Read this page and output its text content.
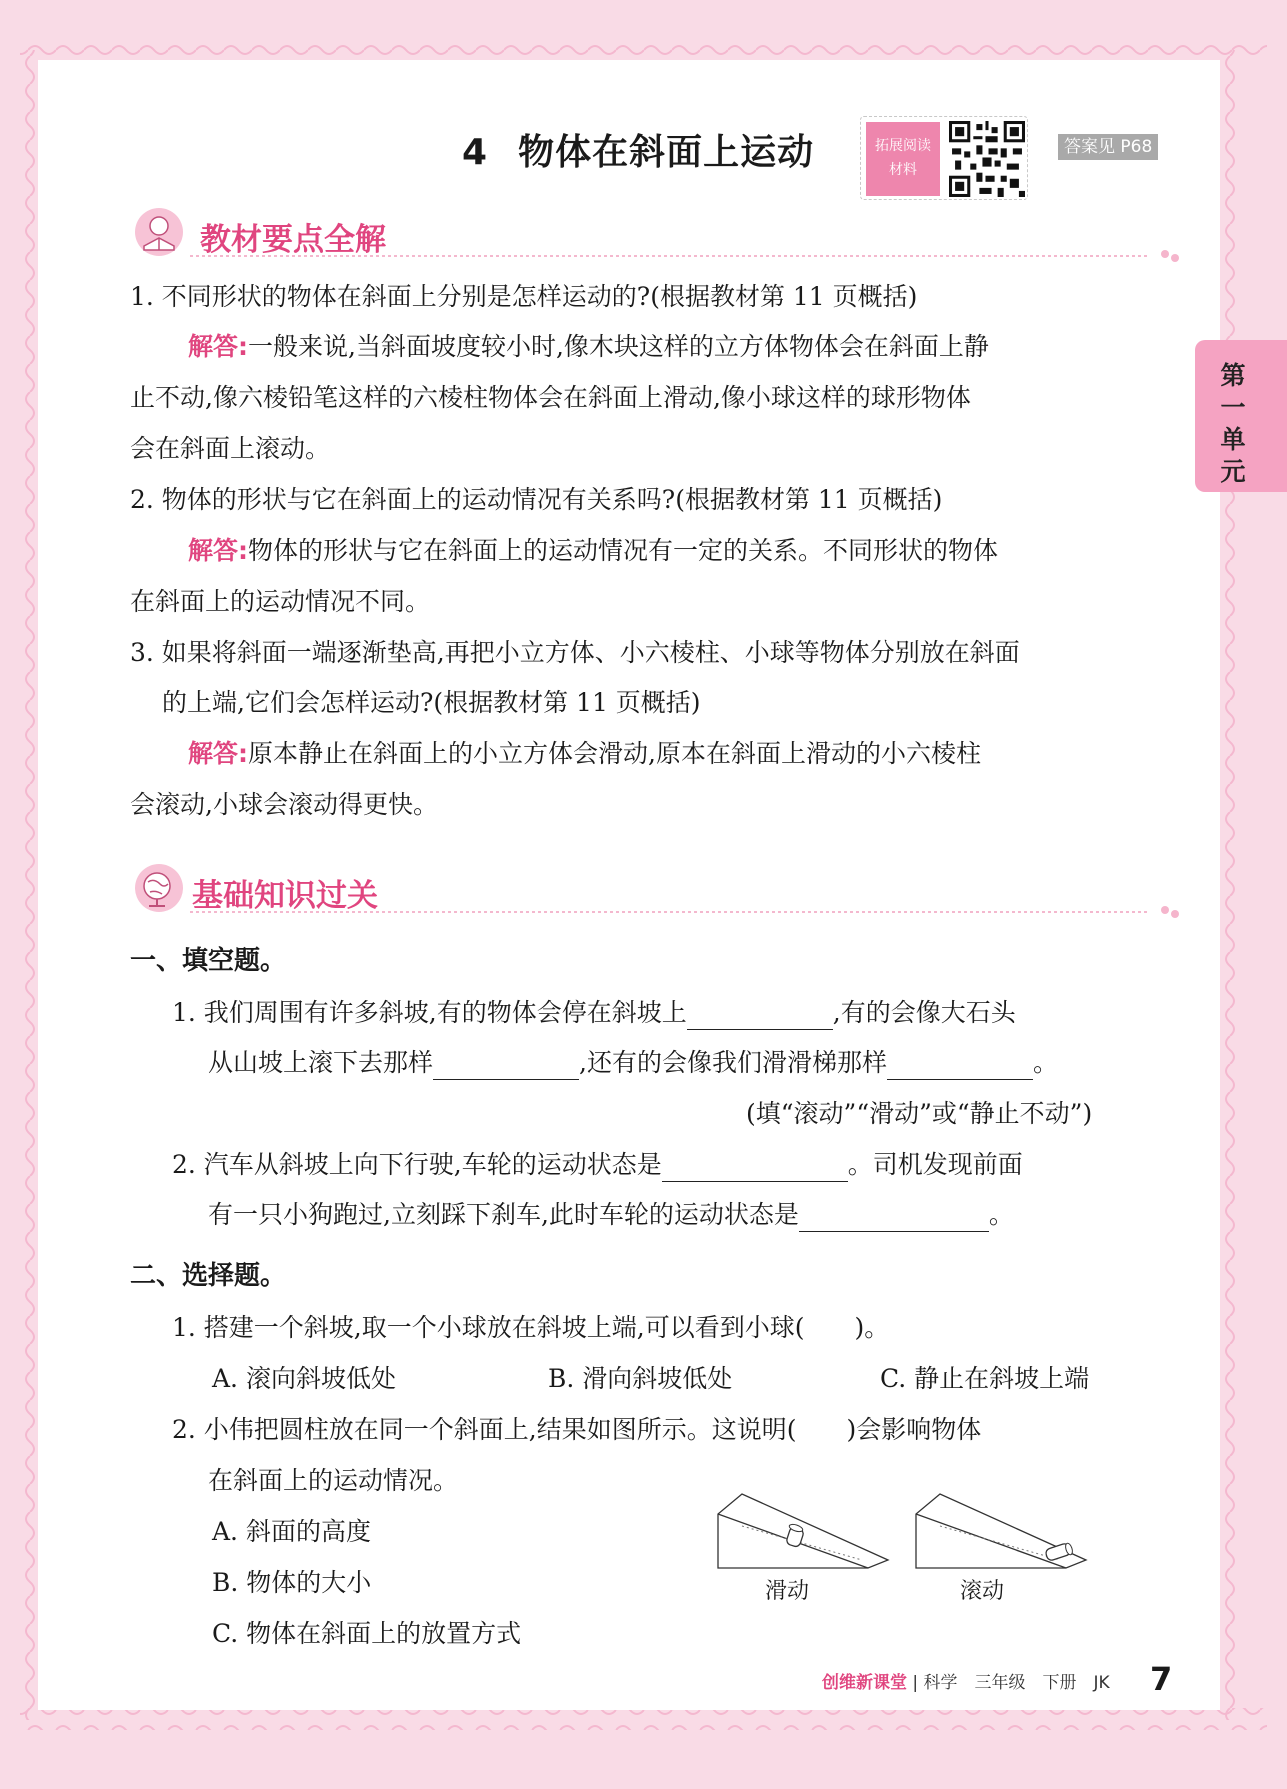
4 物体在斜面上运动	拓展阅读
材料
答案见 P68
第一单元
教材要点全解
1. 不同形状的物体在斜面上分别是怎样运动的?(根据教材第 11 页概括)
解答:一般来说,当斜面坡度较小时,像木块这样的立方体物体会在斜面上静
止不动,像六棱铅笔这样的六棱柱物体会在斜面上滑动,像小球这样的球形物体
会在斜面上滚动。
2. 物体的形状与它在斜面上的运动情况有关系吗?(根据教材第 11 页概括)
解答:物体的形状与它在斜面上的运动情况有一定的关系。不同形状的物体
在斜面上的运动情况不同。
3. 如果将斜面一端逐渐垫高,再把小立方体、小六棱柱、小球等物体分别放在斜面
的上端,它们会怎样运动?(根据教材第 11 页概括)
解答:原本静止在斜面上的小立方体会滑动,原本在斜面上滑动的小六棱柱
会滚动,小球会滚动得更快。
基础知识过关
一、填空题。
1. 我们周围有许多斜坡,有的物体会停在斜坡上	,有的会像大石头
从山坡上滚下去那样	,还有的会像我们滑滑梯那样	。
(填“滚动”“滑动”或“静止不动”)
2. 汽车从斜坡上向下行驶,车轮的运动状态是	。司机发现前面
有一只小狗跑过,立刻踩下刹车,此时车轮的运动状态是	。
二、选择题。
1. 搭建一个斜坡,取一个小球放在斜坡上端,可以看到小球(　　)。
A. 滚向斜坡低处	B. 滑向斜坡低处	C. 静止在斜坡上端
2. 小伟把圆柱放在同一个斜面上,结果如图所示。这说明(　　)会影响物体
在斜面上的运动情况。
A. 斜面的高度
B. 物体的大小
C. 物体在斜面上的放置方式
滑动	滚动
创维新课堂 | 科学　三年级　下册　JK 7
